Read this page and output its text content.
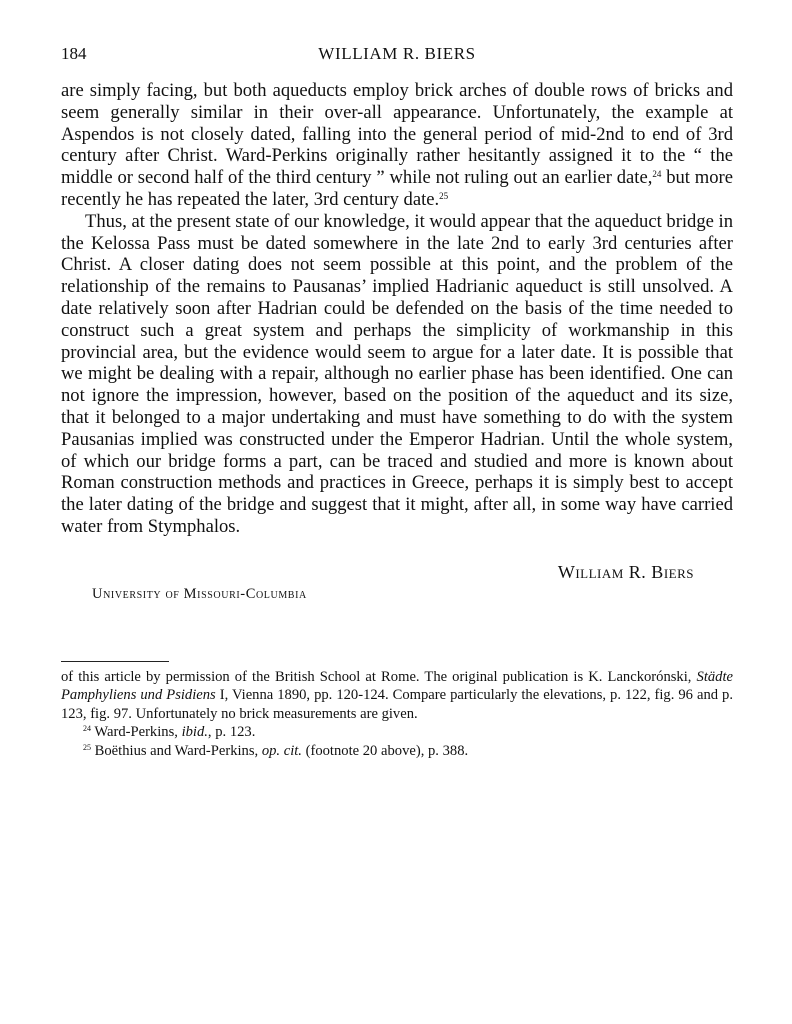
184	WILLIAM R. BIERS

are simply facing, but both aqueducts employ brick arches of double rows of bricks and seem generally similar in their over-all appearance. Unfortunately, the example at Aspendos is not closely dated, falling into the general period of mid-2nd to end of 3rd century after Christ. Ward-Perkins originally rather hesitantly assigned it to the “ the middle or second half of the third century ” while not ruling out an earlier date,$^{24}$ but more recently he has repeated the later, 3rd century date.$^{25}$

Thus, at the present state of our knowledge, it would appear that the aqueduct bridge in the Kelossa Pass must be dated somewhere in the late 2nd to early 3rd centuries after Christ. A closer dating does not seem possible at this point, and the problem of the relationship of the remains to Pausanas’ implied Hadrianic aqueduct is still unsolved. A date relatively soon after Hadrian could be defended on the basis of the time needed to construct such a great system and perhaps the simplicity of workmanship in this provincial area, but the evidence would seem to argue for a later date. It is possible that we might be dealing with a repair, although no earlier phase has been identified. One can not ignore the impression, however, based on the position of the aqueduct and its size, that it belonged to a major undertaking and must have something to do with the system Pausanias implied was constructed under the Emperor Hadrian. Until the whole system, of which our bridge forms a part, can be traced and studied and more is known about Roman construction methods and practices in Greece, perhaps it is simply best to accept the later dating of the bridge and suggest that it might, after all, in some way have carried water from Stymphalos.

William R. Biers
University of Missouri-Columbia

of this article by permission of the British School at Rome. The original publication is K. Lanckorónski, Städte Pamphyliens und Psidiens I, Vienna 1890, pp. 120-124. Compare particularly the elevations, p. 122, fig. 96 and p. 123, fig. 97. Unfortunately no brick measurements are given.

$^{24}$ Ward-Perkins, ibid., p. 123.

$^{25}$ Boëthius and Ward-Perkins, op. cit. (footnote 20 above), p. 388.
